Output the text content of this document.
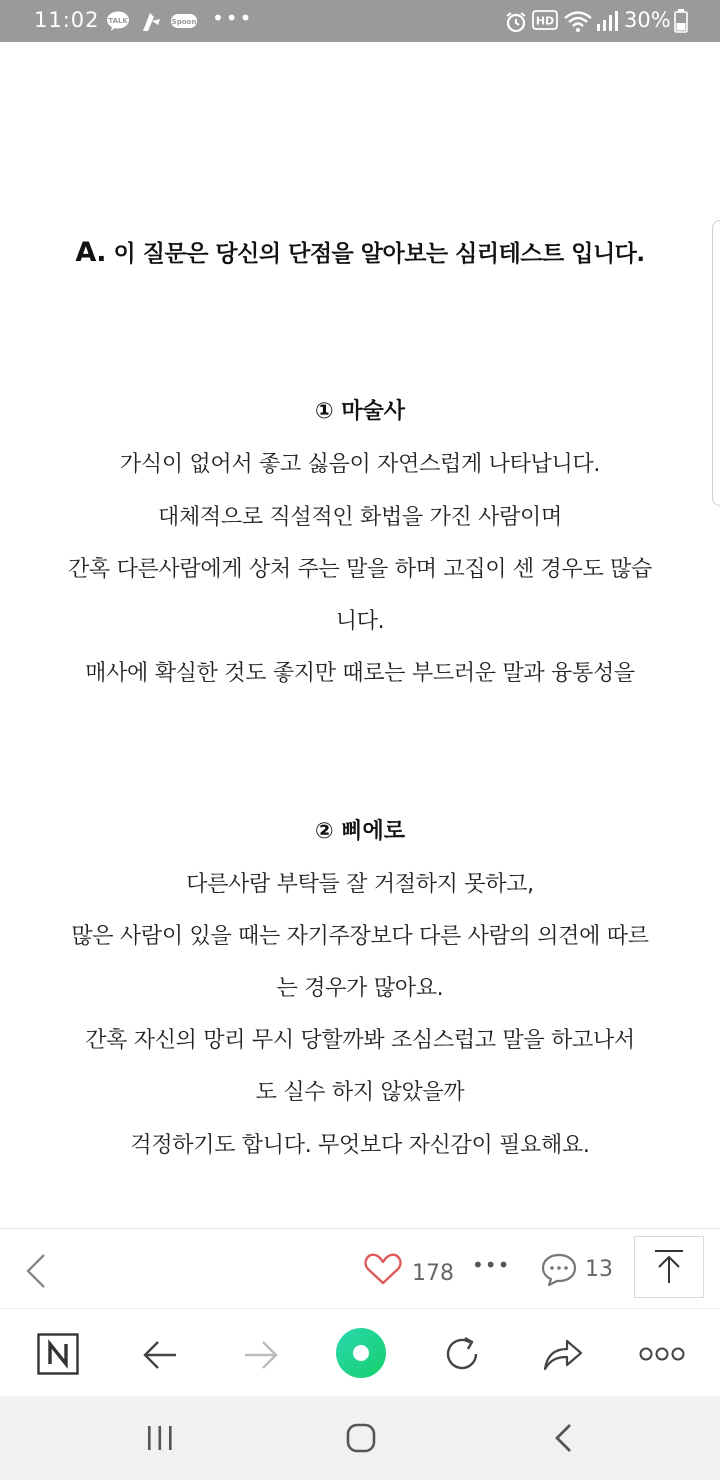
11:02 TALK	Spoon •••	HD	30%
A. 이 질문은 당신의 단점을 알아보는 심리테스트 입니다.
① 마술사
가식이 없어서 좋고 싫음이 자연스럽게 나타납니다.
대체적으로 직설적인 화법을 가진 사람이며
간혹 다른사람에게 상처 주는 말을 하며 고집이 센 경우도 많습
니다.
매사에 확실한 것도 좋지만 때로는 부드러운 말과 융통성을
② 삐에로
다른사람 부탁들 잘 거절하지 못하고,
많은 사람이 있을 때는 자기주장보다 다른 사람의 의견에 따르
는 경우가 많아요.
간혹 자신의 망리 무시 당할까봐 조심스럽고 말을 하고나서
도 실수 하지 않았을까
걱정하기도 합니다. 무엇보다 자신감이 필요해요.
178 •••	13
